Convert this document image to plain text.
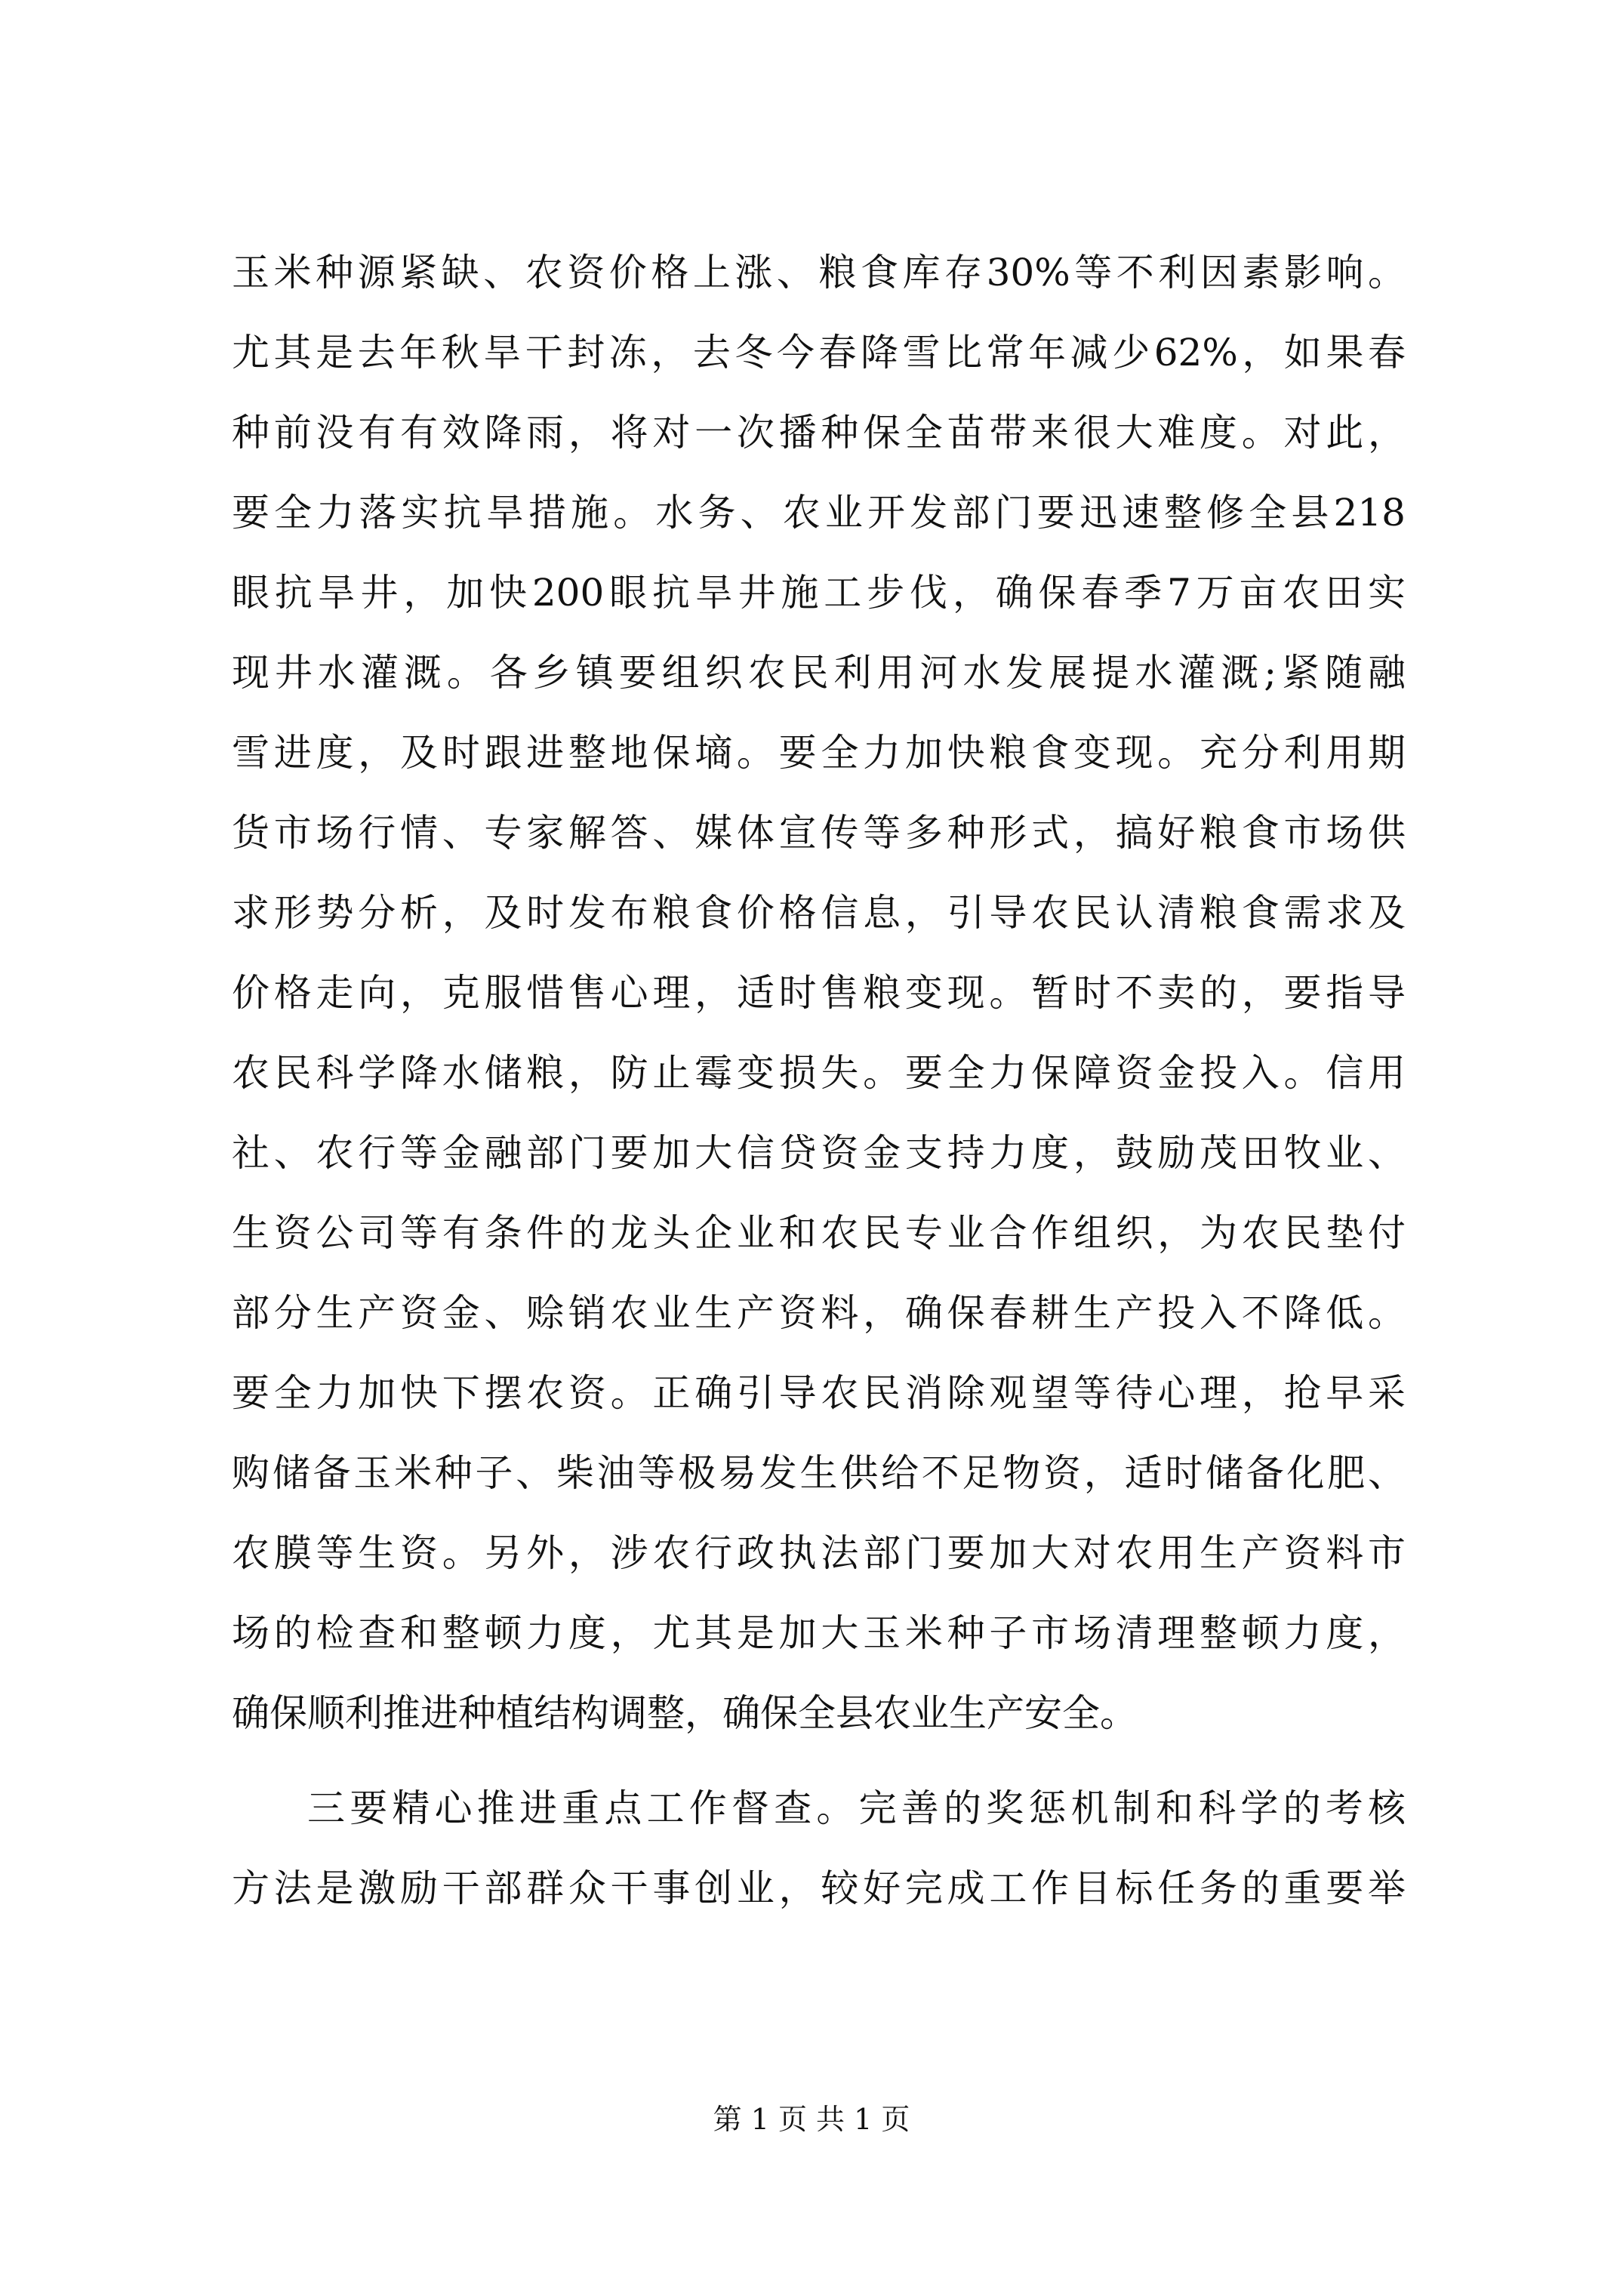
玉米种源紧缺、农资价格上涨、粮食库存30%等不利因素影响。
尤其是去年秋旱干封冻，去冬今春降雪比常年减少62%，如果春
种前没有有效降雨，将对一次播种保全苗带来很大难度。对此，
要全力落实抗旱措施。水务、农业开发部门要迅速整修全县218
眼抗旱井，加快200眼抗旱井施工步伐，确保春季7万亩农田实
现井水灌溉。各乡镇要组织农民利用河水发展提水灌溉;紧随融
雪进度，及时跟进整地保墒。要全力加快粮食变现。充分利用期
货市场行情、专家解答、媒体宣传等多种形式，搞好粮食市场供
求形势分析，及时发布粮食价格信息，引导农民认清粮食需求及
价格走向，克服惜售心理，适时售粮变现。暂时不卖的，要指导
农民科学降水储粮，防止霉变损失。要全力保障资金投入。信用
社、农行等金融部门要加大信贷资金支持力度，鼓励茂田牧业、
生资公司等有条件的龙头企业和农民专业合作组织，为农民垫付
部分生产资金、赊销农业生产资料，确保春耕生产投入不降低。
要全力加快下摆农资。正确引导农民消除观望等待心理，抢早采
购储备玉米种子、柴油等极易发生供给不足物资，适时储备化肥、
农膜等生资。另外，涉农行政执法部门要加大对农用生产资料市
场的检查和整顿力度，尤其是加大玉米种子市场清理整顿力度，
确保顺利推进种植结构调整，确保全县农业生产安全。
三要精心推进重点工作督查。完善的奖惩机制和科学的考核
方法是激励干部群众干事创业，较好完成工作目标任务的重要举
第 1 页 共 1 页
